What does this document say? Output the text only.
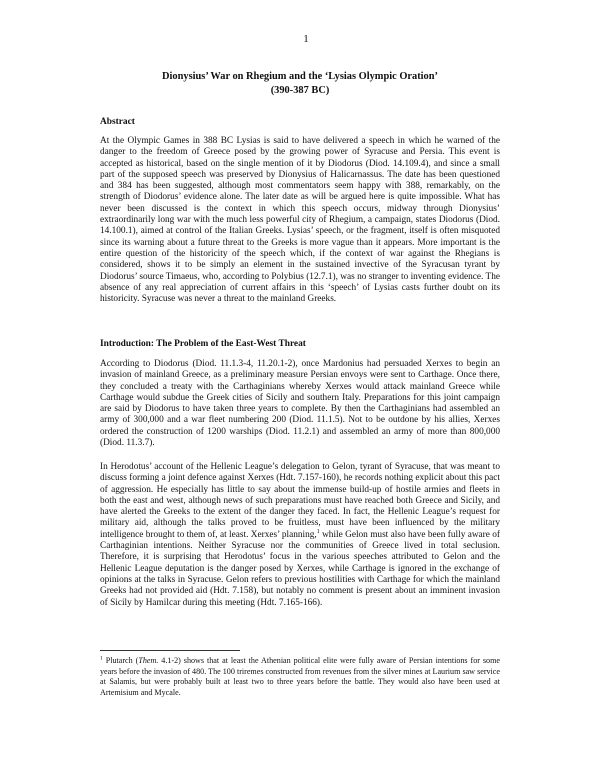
1
Dionysius’ War on Rhegium and the ‘Lysias Olympic Oration’
(390-387 BC)
Abstract

At the Olympic Games in 388 BC Lysias is said to have delivered a speech in which he warned of the danger to the freedom of Greece posed by the growing power of Syracuse and Persia. This event is accepted as historical, based on the single mention of it by Diodorus (Diod. 14.109.4), and since a small part of the supposed speech was preserved by Dionysius of Halicarnassus. The date has been questioned and 384 has been suggested, although most commentators seem happy with 388, remarkably, on the strength of Diodorus’ evidence alone. The later date as will be argued here is quite impossible. What has never been discussed is the context in which this speech occurs, midway through Dionysius’ extraordinarily long war with the much less powerful city of Rhegium, a campaign, states Diodorus (Diod. 14.100.1), aimed at control of the Italian Greeks. Lysias’ speech, or the fragment, itself is often misquoted since its warning about a future threat to the Greeks is more vague than it appears. More important is the entire question of the historicity of the speech which, if the context of war against the Rhegians is considered, shows it to be simply an element in the sustained invective of the Syracusan tyrant by Diodorus’ source Timaeus, who, according to Polybius (12.7.1), was no stranger to inventing evidence. The absence of any real appreciation of current affairs in this ‘speech’ of Lysias casts further doubt on its historicity. Syracuse was never a threat to the mainland Greeks.

Introduction: The Problem of the East-West Threat

According to Diodorus (Diod. 11.1.3-4, 11.20.1-2), once Mardonius had persuaded Xerxes to begin an invasion of mainland Greece, as a preliminary measure Persian envoys were sent to Carthage. Once there, they concluded a treaty with the Carthaginians whereby Xerxes would attack mainland Greece while Carthage would subdue the Greek cities of Sicily and southern Italy. Preparations for this joint campaign are said by Diodorus to have taken three years to complete. By then the Carthaginians had assembled an army of 300,000 and a war fleet numbering 200 (Diod. 11.1.5). Not to be outdone by his allies, Xerxes ordered the construction of 1200 warships (Diod. 11.2.1) and assembled an army of more than 800,000 (Diod. 11.3.7).

In Herodotus’ account of the Hellenic League’s delegation to Gelon, tyrant of Syracuse, that was meant to discuss forming a joint defence against Xerxes (Hdt. 7.157-160), he records nothing explicit about this pact of aggression. He especially has little to say about the immense build-up of hostile armies and fleets in both the east and west, although news of such preparations must have reached both Greece and Sicily, and have alerted the Greeks to the extent of the danger they faced. In fact, the Hellenic League’s request for military aid, although the talks proved to be fruitless, must have been influenced by the military intelligence brought to them of, at least. Xerxes’ planning,$^1$ while Gelon must also have been fully aware of Carthaginian intentions. Neither Syracuse nor the communities of Greece lived in total seclusion. Therefore, it is surprising that Herodotus’ focus in the various speeches attributed to Gelon and the Hellenic League deputation is the danger posed by Xerxes, while Carthage is ignored in the exchange of opinions at the talks in Syracuse. Gelon refers to previous hostilities with Carthage for which the mainland Greeks had not provided aid (Hdt. 7.158), but notably no comment is present about an imminent invasion of Sicily by Hamilcar during this meeting (Hdt. 7.165-166).

$^1$ Plutarch (Them. 4.1-2) shows that at least the Athenian political elite were fully aware of Persian intentions for some years before the invasion of 480. The 100 triremes constructed from revenues from the silver mines at Laurium saw service at Salamis, but were probably built at least two to three years before the battle. They would also have been used at Artemisium and Mycale.
